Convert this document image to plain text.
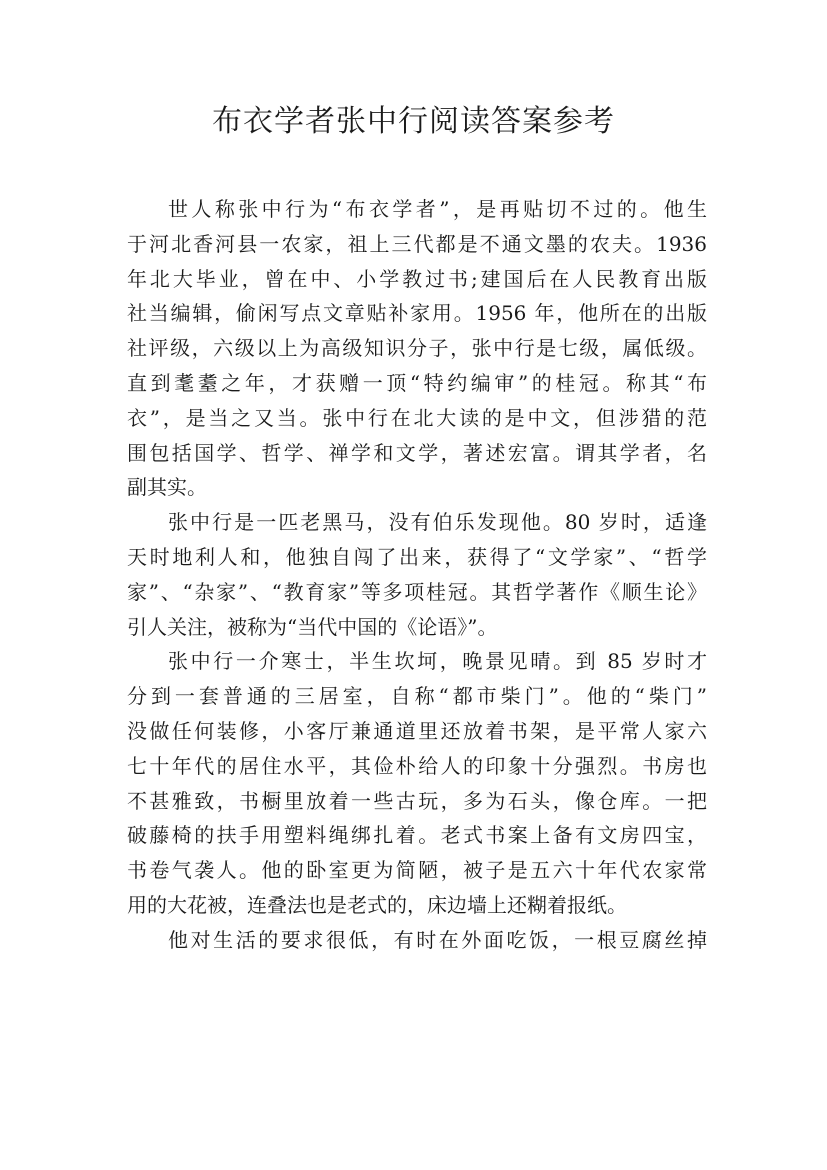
布衣学者张中行阅读答案参考
世人称张中行为“布衣学者”，是再贴切不过的。他生
于河北香河县一农家，祖上三代都是不通文墨的农夫。1936
年北大毕业，曾在中、小学教过书;建国后在人民教育出版
社当编辑，偷闲写点文章贴补家用。1956 年，他所在的出版
社评级，六级以上为高级知识分子，张中行是七级，属低级。
直到耄耋之年，才获赠一顶“特约编审”的桂冠。称其“布
衣”，是当之又当。张中行在北大读的是中文，但涉猎的范
围包括国学、哲学、禅学和文学，著述宏富。谓其学者，名
副其实。
张中行是一匹老黑马，没有伯乐发现他。80 岁时，适逢
天时地利人和，他独自闯了出来，获得了“文学家”、“哲学
家”、“杂家”、“教育家”等多项桂冠。其哲学著作《顺生论》
引人关注，被称为“当代中国的《论语》”。
张中行一介寒士，半生坎坷，晚景见晴。到 85 岁时才
分到一套普通的三居室，自称“都市柴门”。他的“柴门”
没做任何装修，小客厅兼通道里还放着书架，是平常人家六
七十年代的居住水平，其俭朴给人的印象十分强烈。书房也
不甚雅致，书橱里放着一些古玩，多为石头，像仓库。一把
破藤椅的扶手用塑料绳绑扎着。老式书案上备有文房四宝，
书卷气袭人。他的卧室更为简陋，被子是五六十年代农家常
用的大花被，连叠法也是老式的，床边墙上还糊着报纸。
他对生活的要求很低，有时在外面吃饭，一根豆腐丝掉
